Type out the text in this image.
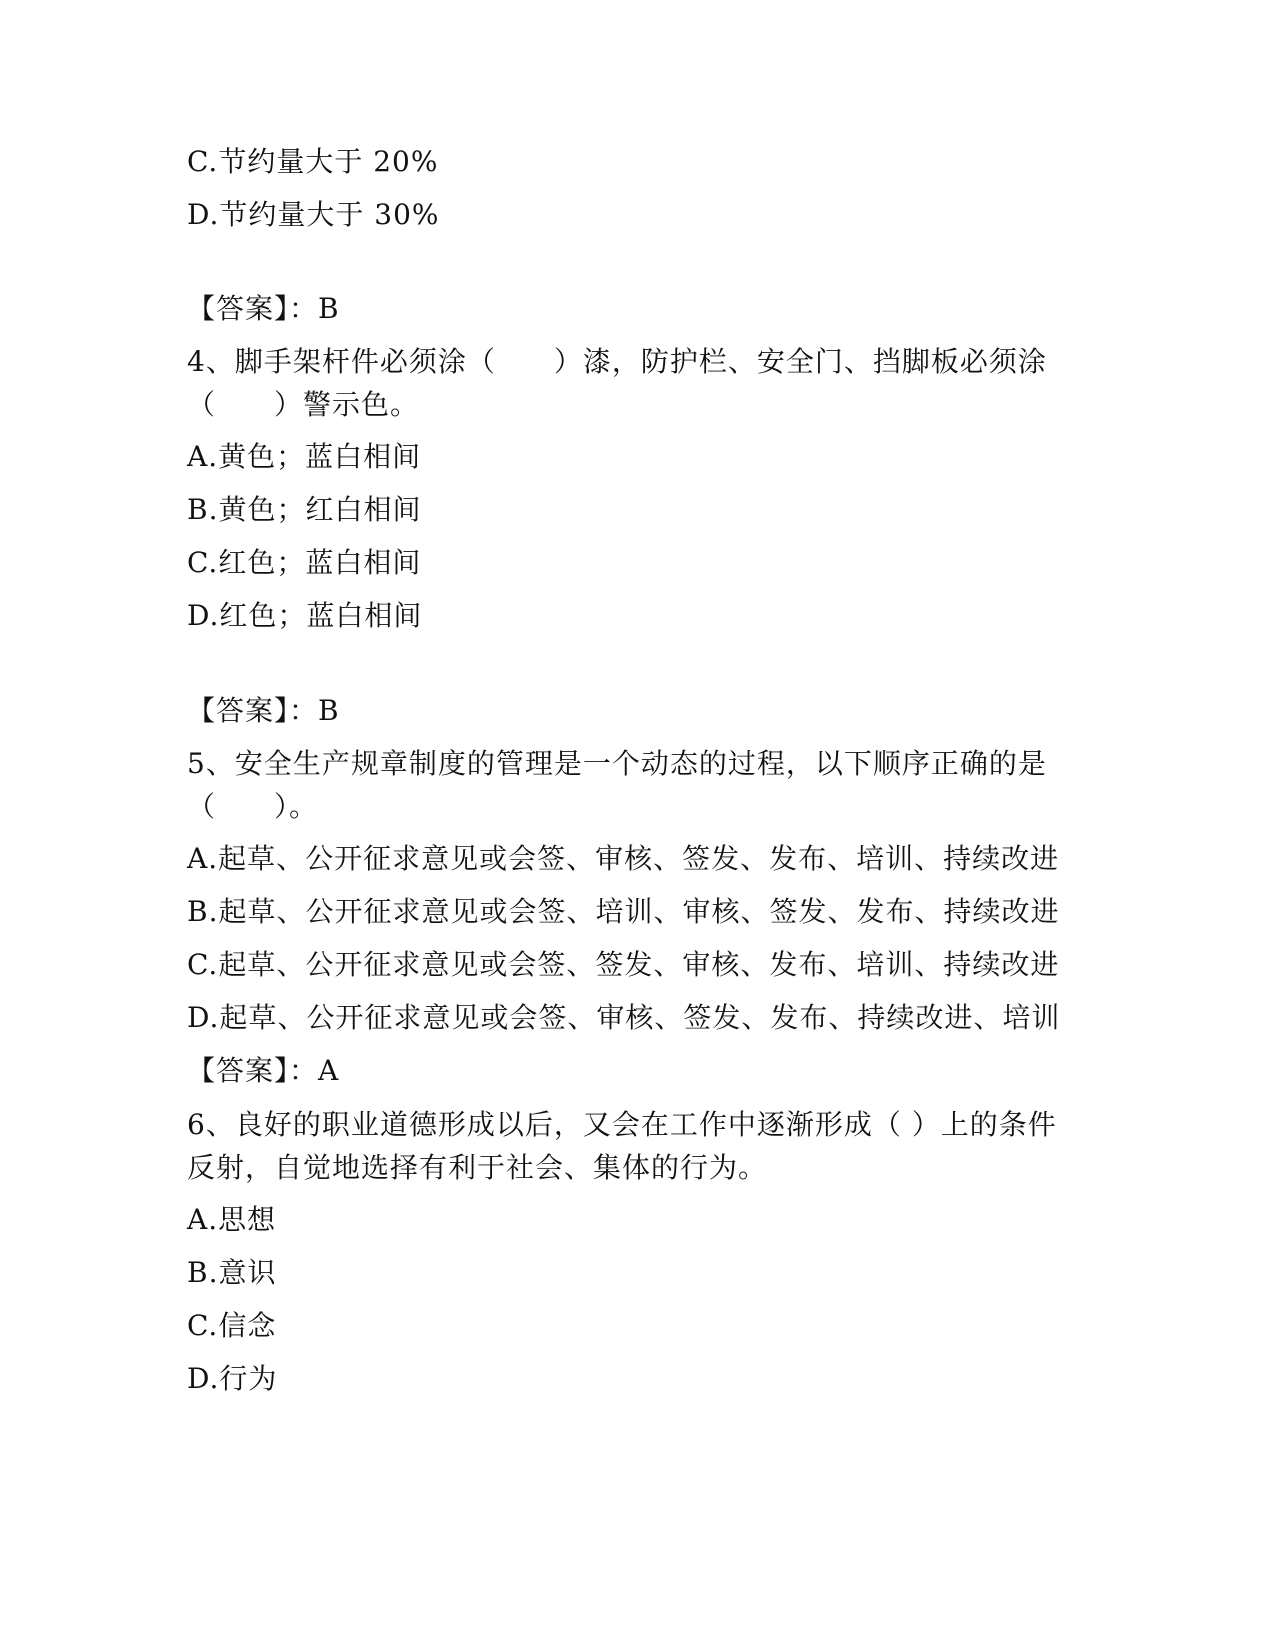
C.节约量大于 20%
D.节约量大于 30%
【答案】：B
4、脚手架杆件必须涂（　　）漆，防护栏、安全门、挡脚板必须涂（　　）警示色。
A.黄色；蓝白相间
B.黄色；红白相间
C.红色；蓝白相间
D.红色；蓝白相间
【答案】：B
5、安全生产规章制度的管理是一个动态的过程，以下顺序正确的是（　　）。
A.起草、公开征求意见或会签、审核、签发、发布、培训、持续改进
B.起草、公开征求意见或会签、培训、审核、签发、发布、持续改进
C.起草、公开征求意见或会签、签发、审核、发布、培训、持续改进
D.起草、公开征求意见或会签、审核、签发、发布、持续改进、培训
【答案】：A
6、良好的职业道德形成以后，又会在工作中逐渐形成（ ）上的条件反射，自觉地选择有利于社会、集体的行为。
A.思想
B.意识
C.信念
D.行为
